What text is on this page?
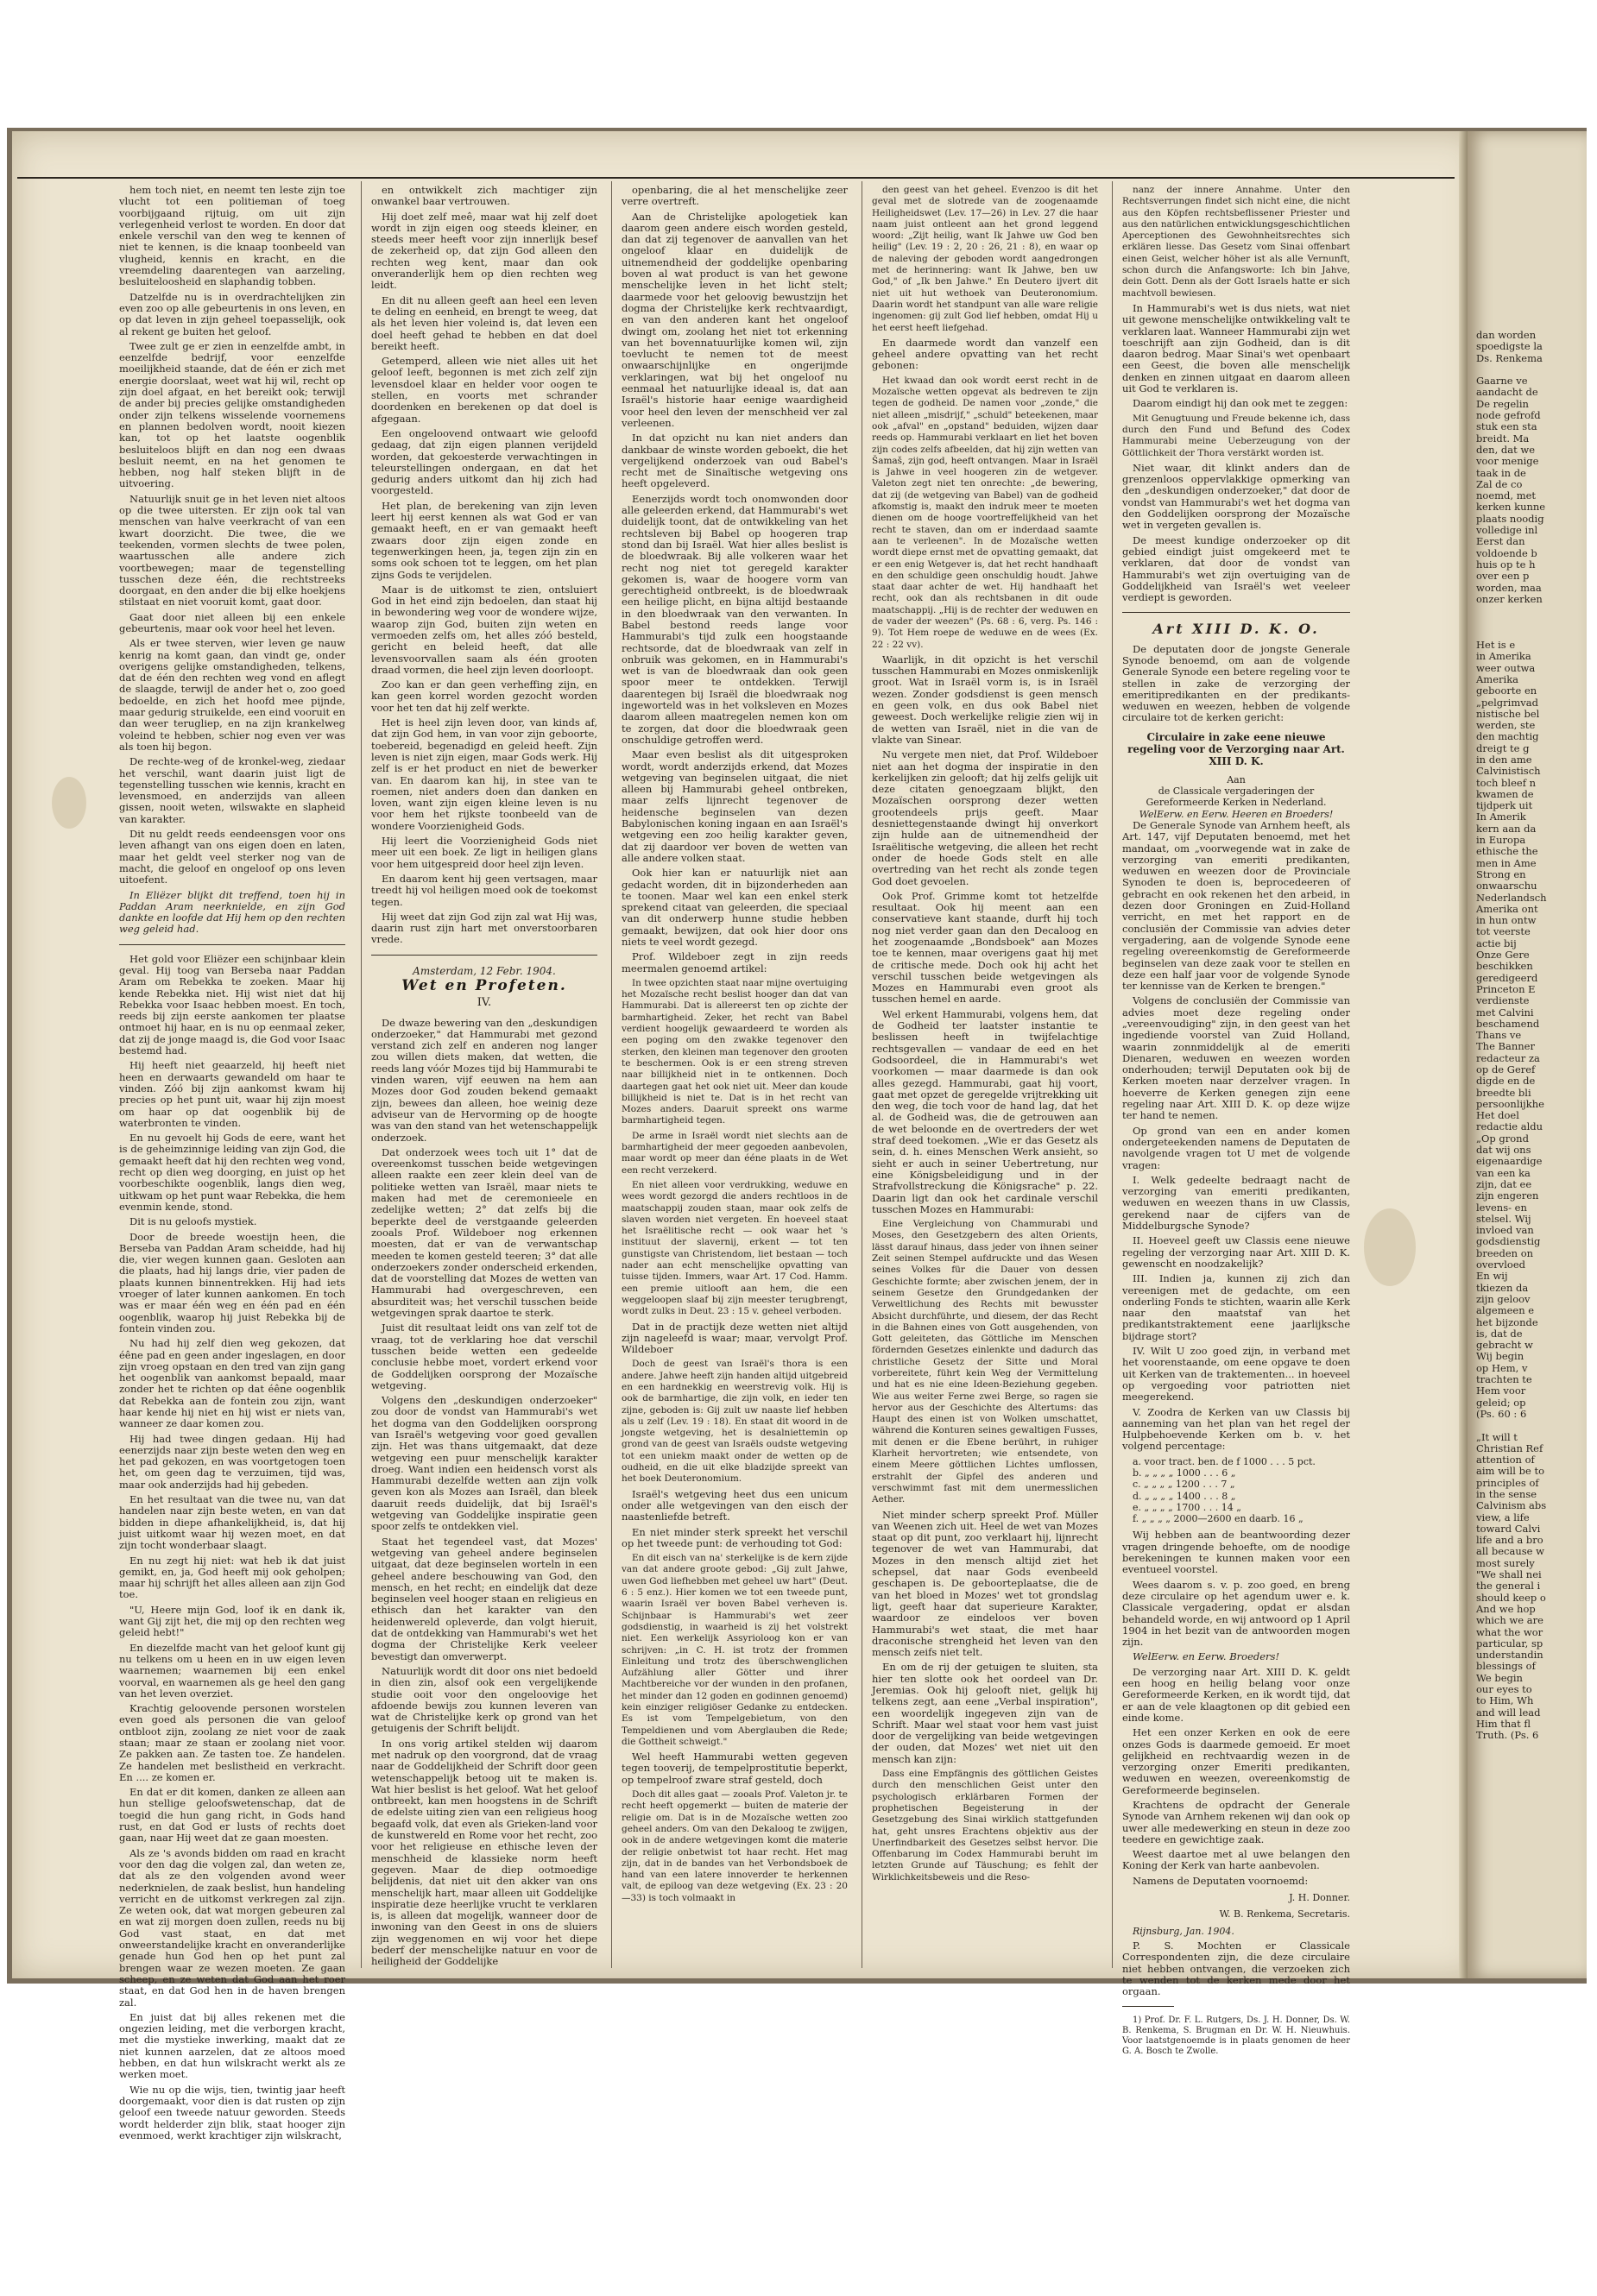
dan worden
spoedigste la
Ds. Renkema

Gaarne ve
aandacht de
De regelin
node gefrofd
stuk een sta
breidt. Ma
den, dat we
voor menige
taak in de
Zal de co
noemd, met
kerken kunne
plaats noodig
volledige inl
Eerst dan
voldoende b
huis op te h
over een p
worden, maa
onzer kerken

Het is e
in Amerika
weer outwa
Amerika
geboorte en
„pelgrimvad
nistische bel
werden, ste
den machtig
dreigt te g
in den ame
Calvinistisch
toch bleef n
kwamen de
tijdperk uit
In Amerik
kern aan da
in Europa
ethische the
men in Ame
Strong en
onwaarschu
Nederlandsch
Amerika ont
in hun ontw
tot veerste
actie bij
Onze Gere
beschikken
geredigeerd
Princeton E
verdienste
met Calvini
beschamend
Thans ve
The Banner
redacteur za
op de Geref
digde en de
breedte bli
persoonlijkhe
Het doel
redactie aldu
„Op grond
dat wij ons
eigenaardige
van een ka
zijn, dat ee
zijn engeren
levens- en
stelsel. Wij
invloed van
godsdienstig
breeden on
overvloed
En wij
tkiezen da
zijn geloov
algemeen e
het bijzonde
is, dat de
gebracht w
Wij begin
op Hem, v
trachten te
Hem voor
geleid; op
(Ps. 60 : 6

„It will t
Christian Ref
attention of
aim will be to
principles of
in the sense
Calvinism abs
view, a life
toward Calvi
life and a bro
all because w
most surely
"We shall nei
the general i
should keep o
And we hop
which we are
what the wor
particular, sp
understandin
blessings of
We begin
our eyes to
to Him, Wh
and will lead
Him that fl
Truth. (Ps. 6

hem toch niet, en neemt ten leste zijn toe vlucht tot een politieman of toeg voorbijgaand rijtuig, om uit zijn verlegenheid verlost te worden. En door dat enkele verschil van den weg te kennen of niet te kennen, is die knaap toonbeeld van vlugheid, kennis en kracht, en die vreemdeling daarentegen van aarzeling, besluiteloosheid en slaphandig tobben.

Datzelfde nu is in overdrachtelijken zin even zoo op alle gebeurtenis in ons leven, en op dat leven in zijn geheel toepasselijk, ook al rekent ge buiten het geloof.

Twee zult ge er zien in eenzelfde ambt, in eenzelfde bedrijf, voor eenzelfde moeilijkheid staande, dat de één er zich met energie doorslaat, weet wat hij wil, recht op zijn doel afgaat, en het bereikt ook; terwijl de ander bij precies gelijke omstandigheden onder zijn telkens wisselende voornemens en plannen bedolven wordt, nooit kiezen kan, tot op het laatste oogenblik besluiteloos blijft en dan nog een dwaas besluit neemt, en na het genomen te hebben, nog half steken blijft in de uitvoering.

Natuurlijk snuit ge in het leven niet altoos op die twee uitersten. Er zijn ook tal van menschen van halve veerkracht of van een kwart doorzicht. Die twee, die we teekenden, vormen slechts de twee polen, waartusschen alle andere zich voortbewegen; maar de tegenstelling tusschen deze één, die rechtstreeks doorgaat, en den ander die bij elke hoekjens stilstaat en niet vooruit komt, gaat door.

Gaat door niet alleen bij een enkele gebeurtenis, maar ook voor heel het leven.

Als er twee sterven, wier leven ge nauw kenrig na komt gaan, dan vindt ge, onder overigens gelijke omstandigheden, telkens, dat de één den rechten weg vond en aflegt de slaagde, terwijl de ander het o, zoo goed bedoelde, en zich het hoofd mee pijnde, maar gedurig struikelde, een eind vooruit en dan weer terugliep, en na zijn krankelweg voleind te hebben, schier nog even ver was als toen hij begon.

De rechte-weg of de kronkel-weg, ziedaar het verschil, want daarin juist ligt de tegenstelling tusschen wie kennis, kracht en levensmoed, en anderzijds van alleen gissen, nooit weten, wilswakte en slapheid van karakter.

Dit nu geldt reeds eendeensgen voor ons leven afhangt van ons eigen doen en laten, maar het geldt veel sterker nog van de macht, die geloof en ongeloof op ons leven uitoefent.

In Eliëzer blijkt dit treffend, toen hij in Paddan Aram neerknielde, en zijn God dankte en loofde dat Hij hem op den rechten weg geleid had.

Het gold voor Eliëzer een schijnbaar klein geval. Hij toog van Berseba naar Paddan Aram om Rebekka te zoeken. Maar hij kende Rebekka niet. Hij wist niet dat hij Rebekka voor Isaac hebben moest. En toch, reeds bij zijn eerste aankomen ter plaatse ontmoet hij haar, en is nu op eenmaal zeker, dat zij de jonge maagd is, die God voor Isaac bestemd had.

Hij heeft niet geaarzeld, hij heeft niet heen en derwaarts gewandeld om haar te vinden. Zóó bij zijn aankomst kwam hij precies op het punt uit, waar hij zijn moest om haar op dat oogenblik bij de waterbronten te vinden.

En nu gevoelt hij Gods de eere, want het is de geheimzinnige leiding van zijn God, die gemaakt heeft dat hij den rechten weg vond, recht op dien weg doorging, en juist op het voorbeschikte oogenblik, langs dien weg, uitkwam op het punt waar Rebekka, die hem evenmin kende, stond.

Dit is nu geloofs mystiek.

Door de breede woestijn heen, die Berseba van Paddan Aram scheidde, had hij die, vier wegen kunnen gaan. Gesloten aan die plaats, had hij langs drie, vier paden de plaats kunnen binnentrekken. Hij had iets vroeger of later kunnen aankomen. En toch was er maar één weg en één pad en één oogenblik, waarop hij juist Rebekka bij de fontein vinden zou.

Nu had hij zelf dien weg gekozen, dat éêne pad en geen ander ingeslagen, en door zijn vroeg opstaan en den tred van zijn gang het oogenblik van aankomst bepaald, maar zonder het te richten op dat éêne oogenblik dat Rebekka aan de fontein zou zijn, want haar kende hij niet en hij wist er niets van, wanneer ze daar komen zou.

Hij had twee dingen gedaan. Hij had eenerzijds naar zijn beste weten den weg en het pad gekozen, en was voortgetogen toen het, om geen dag te verzuimen, tijd was, maar ook anderzijds had hij gebeden.

En het resultaat van die twee nu, van dat handelen naar zijn beste weten, en van dat bidden in diepe afhankelijkheid, is, dat hij juist uitkomt waar hij wezen moet, en dat zijn tocht wonderbaar slaagt.

En nu zegt hij niet: wat heb ik dat juist gemikt, en, ja, God heeft mij ook geholpen; maar hij schrijft het alles alleen aan zijn God toe.

"U, Heere mijn God, loof ik en dank ik, want Gij zijt het, die mij op den rechten weg geleid hebt!"

En diezelfde macht van het geloof kunt gij nu telkens om u heen en in uw eigen leven waarnemen; waarnemen bij een enkel voorval, en waarnemen als ge heel den gang van het leven overziet.

Krachtig geloovende personen worstelen even goed als personen die van geloof ontbloot zijn, zoolang ze niet voor de zaak staan; maar ze staan er zoolang niet voor. Ze pakken aan. Ze tasten toe. Ze handelen. Ze handelen met beslistheid en verkracht. En .... ze komen er.

En dat er dit komen, danken ze alleen aan hun stellige geloofswetenschap, dat de toegid die hun gang richt, in Gods hand rust, en dat God er lusts of rechts doet gaan, naar Hij weet dat ze gaan moesten.

Als ze 's avonds bidden om raad en kracht voor den dag die volgen zal, dan weten ze, dat als ze den volgenden avond weer nederknielen, de zaak beslist, hun handeling verricht en de uitkomst verkregen zal zijn. Ze weten ook, dat wat morgen gebeuren zal en wat zij morgen doen zullen, reeds nu bij God vast staat, en dat met onweerstandelijke kracht en onveranderlijke genade hun God hen op het punt zal brengen waar ze wezen moeten. Ze gaan scheep, en ze weten dat God aan het roer staat, en dat God hen in de haven brengen zal.

En juist dat bij alles rekenen met die ongezien leiding, met die verborgen kracht, met die mystieke inwerking, maakt dat ze niet kunnen aarzelen, dat ze altoos moed hebben, en dat hun wilskracht werkt als ze werken moet.

Wie nu op die wijs, tien, twintig jaar heeft doorgemaakt, voor dien is dat rusten op zijn geloof een tweede natuur geworden. Steeds wordt helderder zijn blik, staat hooger zijn evenmoed, werkt krachtiger zijn wilskracht,

en ontwikkelt zich machtiger zijn onwankel baar vertrouwen.

Hij doet zelf meê, maar wat hij zelf doet wordt in zijn eigen oog steeds kleiner, en steeds meer heeft voor zijn innerlijk besef de zekerheid op, dat zijn God alleen den rechten weg kent, maar dan ook onveranderlijk hem op dien rechten weg leidt.

En dit nu alleen geeft aan heel een leven te deling en eenheid, en brengt te weeg, dat als het leven hier voleind is, dat leven een doel heeft gehad te hebben en dat doel bereikt heeft.

Getemperd, alleen wie niet alles uit het geloof leeft, begonnen is met zich zelf zijn levensdoel klaar en helder voor oogen te stellen, en voorts met schrander doordenken en berekenen op dat doel is afgegaan.

Een ongeloovend ontwaart wie geloofd gedaag, dat zijn eigen plannen verijdeld worden, dat gekoesterde verwachtingen in teleurstellingen ondergaan, en dat het gedurig anders uitkomt dan hij zich had voorgesteld.

Het plan, de berekening van zijn leven leert hij eerst kennen als wat God er van gemaakt heeft, en er van gemaakt heeft zwaars door zijn eigen zonde en tegenwerkingen heen, ja, tegen zijn zin en soms ook schoen tot te leggen, om het plan zijns Gods te verijdelen.

Maar is de uitkomst te zien, ontsluiert God in het eind zijn bedoelen, dan staat hij in bewondering weg voor de wondere wijze, waarop zijn God, buiten zijn weten en vermoeden zelfs om, het alles zóó besteld, gericht en beleid heeft, dat alle levensvoorvallen saam als één grooten draad vormen, die heel zijn leven doorloopt.

Zoo kan er dan geen verheffing zijn, en kan geen korrel worden gezocht worden voor het ten dat hij zelf werkte.

Het is heel zijn leven door, van kinds af, dat zijn God hem, in van voor zijn geboorte, toebereid, begenadigd en geleid heeft. Zijn leven is niet zijn eigen, maar Gods werk. Hij zelf is er het product en niet de bewerker van. En daarom kan hij, in stee van te roemen, niet anders doen dan danken en loven, want zijn eigen kleine leven is nu voor hem het rijkste toonbeeld van de wondere Voorzienigheid Gods.

Hij leert die Voorzienigheid Gods niet meer uit een boek. Ze ligt in heiligen glans voor hem uitgespreid door heel zijn leven.

En daarom kent hij geen vertsagen, maar treedt hij vol heiligen moed ook de toekomst tegen.

Hij weet dat zijn God zijn zal wat Hij was, daarin rust zijn hart met onverstoorbaren vrede.

Amsterdam, 12 Febr. 1904.
Wet en Profeten.
IV.

De dwaze bewering van den „deskundigen onderzoeker," dat Hammurabi met gezond verstand zich zelf en anderen nog langer zou willen diets maken, dat wetten, die reeds lang vóór Mozes tijd bij Hammurabi te vinden waren, vijf eeuwen na hem aan Mozes door God zouden bekend gemaakt zijn, bewees dan alleen, hoe weinig deze adviseur van de Hervorming op de hoogte was van den stand van het wetenschappelijk onderzoek.

Dat onderzoek wees toch uit 1° dat de overeenkomst tusschen beide wetgevingen alleen raakte een zeer klein deel van de politieke wetten van Israël, maar niets te maken had met de ceremonieele en zedelijke wetten; 2° dat zelfs bij die beperkte deel de verstgaande geleerden zooals Prof. Wildeboer nog erkennen moesten, dat er van de verwantschap meeden te komen gesteld teeren; 3° dat alle onderzoekers zonder onderscheid erkenden, dat de voorstelling dat Mozes de wetten van Hammurabi had overgeschreven, een absurditeit was; het verschil tusschen beide wetgevingen sprak daartoe te sterk.

Juist dit resultaat leidt ons van zelf tot de vraag, tot de verklaring hoe dat verschil tusschen beide wetten een gedeelde conclusie hebbe moet, vordert erkend voor de Goddelijken oorsprong der Mozaïsche wetgeving.

Volgens den „deskundigen onderzoeker" zou door de vondst van Hammurabi's wet het dogma van den Goddelijken oorsprong van Israël's wetgeving voor goed gevallen zijn. Het was thans uitgemaakt, dat deze wetgeving een puur menschelijk karakter droeg. Want indien een heidensch vorst als Hammurabi dezelfde wetten aan zijn volk geven kon als Mozes aan Israël, dan bleek daaruit reeds duidelijk, dat bij Israël's wetgeving van Goddelijke inspiratie geen spoor zelfs te ontdekken viel.

Staat het tegendeel vast, dat Mozes' wetgeving van geheel andere beginselen uitgaat, dat deze beginselen worteln in een geheel andere beschouwing van God, den mensch, en het recht; en eindelijk dat deze beginselen veel hooger staan en religieus en ethisch dan het karakter van den heidenwereld opleverde, dan volgt hieruit, dat de ontdekking van Hammurabi's wet het dogma der Christelijke Kerk veeleer bevestigt dan omverwerpt.

Natuurlijk wordt dit door ons niet bedoeld in dien zin, alsof ook een vergelijkende studie ooit voor den ongeloovige het afdoende bewijs zou kunnen leveren van wat de Christelijke kerk op grond van het getuigenis der Schrift belijdt.

In ons vorig artikel stelden wij daarom met nadruk op den voorgrond, dat de vraag naar de Goddelijkheid der Schrift door geen wetenschappelijk betoog uit te maken is. Wat hier beslist is het geloof. Wat het geloof ontbreekt, kan men hoogstens in de Schrift de edelste uiting zien van een religieus hoog begaafd volk, dat even als Grieken-land voor de kunstwereld en Rome voor het recht, zoo voor het religieuse en ethische leven der menschheid de klassieke norm heeft gegeven. Maar de diep ootmoedige belijdenis, dat niet uit den akker van ons menschelijk hart, maar alleen uit Goddelijke inspiratie deze heerlijke vrucht te verklaren is, is alleen dat mogelijk, wanneer door de inwoning van den Geest in ons de sluiers zijn weggenomen en wij voor het diepe bederf der menschelijke natuur en voor de heiligheid der Goddelijke

openbaring, die al het menschelijke zeer verre overtreft.

Aan de Christelijke apologetiek kan daarom geen andere eisch worden gesteld, dan dat zij tegenover de aanvallen van het ongeloof klaar en duidelijk de uitnemendheid der goddelijke openbaring boven al wat product is van het gewone menschelijke leven in het licht stelt; daarmede voor het geloovig bewustzijn het dogma der Christelijke kerk rechtvaardigt, en van den anderen kant het ongeloof dwingt om, zoolang het niet tot erkenning van het bovennatuurlijke komen wil, zijn toevlucht te nemen tot de meest onwaarschijnlijke en ongerijmde verklaringen, wat bij het ongeloof nu eenmaal het natuurlijke ideaal is, dat aan Israël's historie haar eenige waardigheid voor heel den leven der menschheid ver zal verleenen.

In dat opzicht nu kan niet anders dan dankbaar de winste worden geboekt, die het vergelijkend onderzoek van oud Babel's recht met de Sinaïtische wetgeving ons heeft opgeleverd.

Eenerzijds wordt toch onomwonden door alle geleerden erkend, dat Hammurabi's wet duidelijk toont, dat de ontwikkeling van het rechtsleven bij Babel op hoogeren trap stond dan bij Israël. Wat hier alles beslist is de bloedwraak. Bij alle volkeren waar het recht nog niet tot geregeld karakter gekomen is, waar de hoogere vorm van gerechtigheid ontbreekt, is de bloedwraak een heilige plicht, en bijna altijd bestaande in den bloedwraak van den verwanten. In Babel bestond reeds lange voor Hammurabi's tijd zulk een hoogstaande rechtsorde, dat de bloedwraak van zelf in onbruik was gekomen, en in Hammurabi's wet is van de bloedwraak dan ook geen spoor meer te ontdekken. Terwijl daarentegen bij Israël die bloedwraak nog ingeworteld was in het volksleven en Mozes daarom alleen maatregelen nemen kon om te zorgen, dat door die bloedwraak geen onschuldige getroffen werd.

Maar even beslist als dit uitgesproken wordt, wordt anderzijds erkend, dat Mozes wetgeving van beginselen uitgaat, die niet alleen bij Hammurabi geheel ontbreken, maar zelfs lijnrecht tegenover de heidensche beginselen van dezen Babylonischen koning ingaan en aan Israël's wetgeving een zoo heilig karakter geven, dat zij daardoor ver boven de wetten van alle andere volken staat.

Ook hier kan er natuurlijk niet aan gedacht worden, dit in bijzonderheden aan te toonen. Maar wel kan een enkel sterk sprekend citaat van geleerden, die speciaal van dit onderwerp hunne studie hebben gemaakt, bewijzen, dat ook hier door ons niets te veel wordt gezegd.

Prof. Wildeboer zegt in zijn reeds meermalen genoemd artikel:

In twee opzichten staat naar mijne overtuiging het Mozaïsche recht beslist hooger dan dat van Hammurabi. Dat is allereerst ten op zichte der barmhartigheid. Zeker, het recht van Babel verdient hoogelijk gewaardeerd te worden als een poging om den zwakke tegenover den sterken, den kleinen man tegenover den grooten te beschermen. Ook is er een streng streven naar billijkheid niet in te ontkennen. Doch daartegen gaat het ook niet uit. Meer dan koude billijkheid is niet te. Dat is in het recht van Mozes anders. Daaruit spreekt ons warme barmhartigheid tegen.

De arme in Israël wordt niet slechts aan de barmhartigheid der meer gegoeden aanbevolen, maar wordt op meer dan ééne plaats in de Wet een recht verzekerd.

En niet alleen voor verdrukking, weduwe en wees wordt gezorgd die anders rechtloos in de maatschappij zouden staan, maar ook zelfs de slaven worden niet vergeten. En hoeveel staat het Israëlitische recht — ook waar het 's instituut der slavernij, erkent — tot ten gunstigste van Christendom, liet bestaan — toch nader aan echt menschelijke opvatting van tuisse tijden. Immers, waar Art. 17 Cod. Hamm. een premie uitlooft aan hem, die een weggeloopen slaaf bij zijn meester terugbrengt, wordt zulks in Deut. 23 : 15 v. geheel verboden.

Dat in de practijk deze wetten niet altijd zijn nageleefd is waar; maar, vervolgt Prof. Wildeboer

Doch de geest van Israël's thora is een andere. Jahwe heeft zijn handen altijd uitgebreid en een hardnekkig en weerstrevig volk. Hij is ook de barmhartige, die zijn volk, en ieder ten zijne, geboden is: Gij zult uw naaste lief hebben als u zelf (Lev. 19 : 18). En staat dit woord in de jongste wetgeving, het is desalniettemin op grond van de geest van Israëls oudste wetgeving tot een uniekm maakt onder de wetten op de oudheid, en die uit elke bladzijde spreekt van het boek Deuteronomium.

Israël's wetgeving heet dus een unicum onder alle wetgevingen van den eisch der naastenliefde betreft.

En niet minder sterk spreekt het verschil op het tweede punt: de verhouding tot God:

En dit eisch van na' sterkelijke is de kern zijde van dat andere groote gebod: „Gij zult Jahwe, uwen God liefhebben met geheel uw hart" (Deut. 6 : 5 enz.). Hier komen we tot een tweede punt, waarin Israël ver boven Babel verheven is. Schijnbaar is Hammurabi's wet zeer godsdienstig, in waarheid is zij het volstrekt niet. Een werkelijk Assyrioloog kon er van schrijven: „in C. H. ist trotz der frommen Einleitung und trotz des überschwenglichen Aufzählung aller Götter und ihrer Machtbereiche vor der wunden in den profanen, het minder dan 12 goden en godinnen genoemd) kein einziger religiöser Gedanke zu entdecken. Es ist vom Tempelgebietum, von den Tempeldienen und vom Aberglauben die Rede; die Gottheit schweigt."

Wel heeft Hammurabi wetten gegeven tegen tooverij, de tempelprostitutie beperkt, op tempelroof zware straf gesteld, doch

Doch dit alles gaat — zooals Prof. Valeton jr. te recht heeft opgemerkt — buiten de materie der religie om. Dat is in de Mozaïsche wetten zoo geheel anders. Om van den Dekaloog te zwijgen, ook in de andere wetgevingen komt die materie der religie onbetwist tot haar recht. Het mag zijn, dat in de bandes van het Verbondsboek de hand van een latere innoverder te herkennen valt, de epiloog van deze wetgeving (Ex. 23 : 20—33) is toch volmaakt in

den geest van het geheel. Evenzoo is dit het geval met de slotrede van de zoogenaamde Heiligheidswet (Lev. 17—26) in Lev. 27 die haar naam juist ontleent aan het grond leggend woord: „Zijt heilig, want Ik Jahwe uw God ben heilig" (Lev. 19 : 2, 20 : 26, 21 : 8), en waar op de naleving der geboden wordt aangedrongen met de herinnering: want Ik Jahwe, ben uw God," of „Ik ben Jahwe." En Deutero ijvert dit niet uit hut wethoek van Deuteronomium. Daarin wordt het standpunt van alle ware religie ingenomen: gij zult God lief hebben, omdat Hij u het eerst heeft liefgehad.

En daarmede wordt dan vanzelf een geheel andere opvatting van het recht gebonen:

Het kwaad dan ook wordt eerst recht in de Mozaïsche wetten opgevat als bedreven te zijn tegen de godheid. De namen voor „zonde," die niet alleen „misdrijf," „schuld" beteekenen, maar ook „afval" en „opstand" beduiden, wijzen daar reeds op. Hammurabi verklaart en liet het boven zijn codes zelfs afbeelden, dat hij zijn wetten van Šamaš, zijn god, heeft ontvangen. Maar in Israël is Jahwe in veel hoogeren zin de wetgever. Valeton zegt niet ten onrechte: „de bewering, dat zij (de wetgeving van Babel) van de godheid afkomstig is, maakt den indruk meer te moeten dienen om de hooge voortreffelijkheid van het recht te staven, dan om er inderdaad saamte aan te verleenen". In de Mozaïsche wetten wordt diepe ernst met de opvatting gemaakt, dat er een enig Wetgever is, dat het recht handhaaft en den schuldige geen onschuldig houdt. Jahwe staat daar achter de wet. Hij handhaaft het recht, ook dan als rechtsbanen in dit oude maatschappij. „Hij is de rechter der weduwen en de vader der weezen" (Ps. 68 : 6, verg. Ps. 146 : 9). Tot Hem roepe de weduwe en de wees (Ex. 22 : 22 vv).

Waarlijk, in dit opzicht is het verschil tusschen Hammurabi en Mozes onmiskenlijk groot. Wat in Israël vorm is, is in Israël wezen. Zonder godsdienst is geen mensch en geen volk, en dus ook Babel niet geweest. Doch werkelijke religie zien wij in de wetten van Israël, niet in die van de vlakte van Sinear.

Nu vergete men niet, dat Prof. Wildeboer niet aan het dogma der inspiratie in den kerkelijken zin gelooft; dat hij zelfs gelijk uit deze citaten genoegzaam blijkt, den Mozaïschen oorsprong dezer wetten grootendeels prijs geeft. Maar desniettegenstaande dwingt hij onverkort zijn hulde aan de uitnemendheid der Israëlitische wetgeving, die alleen het recht onder de hoede Gods stelt en alle overtreding van het recht als zonde tegen God doet gevoelen.

Ook Prof. Grimme komt tot hetzelfde resultaat. Ook hij meent aan een conservatieve kant staande, durft hij toch nog niet verder gaan dan den Decaloog en het zoogenaamde „Bondsboek" aan Mozes toe te kennen, maar overigens gaat hij met de critische mede. Doch ook hij acht het verschil tusschen beide wetgevingen als Mozes en Hammurabi even groot als tusschen hemel en aarde.

Wel erkent Hammurabi, volgens hem, dat de Godheid ter laatster instantie te beslissen heeft in twijfelachtige rechtsgevallen — vandaar de eed en het Godsoordeel, die in Hammurabi's wet voorkomen — maar daarmede is dan ook alles gezegd. Hammurabi, gaat hij voort, gaat met opzet de geregelde vrijtrekking uit den weg, die toch voor de hand lag, dat het al. de Godheid was, die de getrouwen aan de wet beloonde en de overtreders der wet straf deed toekomen. „Wie er das Gesetz als sein, d. h. eines Menschen Werk ansieht, so sieht er auch in seiner Uebertretung, nur eine Königsbeleidigung und in der Strafvollstreckung die Königsrache" p. 22. Daarin ligt dan ook het cardinale verschil tusschen Mozes en Hammurabi:

Eine Vergleichung von Chammurabi und Moses, den Gesetzgebern des alten Orients, lässt darauf hinaus, dass jeder von ihnen seiner Zeit seinen Stempel aufdruckte und das Wesen seines Volkes für die Dauer von dessen Geschichte formte; aber zwischen jenem, der in seinem Gesetze den Grundgedanken der Verweltlichung des Rechts mit bewusster Absicht durchführte, und diesem, der das Recht in die Bahnen eines von Gott ausgehenden, von Gott geleiteten, das Göttliche im Menschen fördernden Gesetzes einlenkte und dadurch das christliche Gesetz der Sitte und Moral vorbereitete, führt kein Weg der Vermittelung und hat es nie eine Ideen-Beziehung gegeben. Wie aus weiter Ferne zwei Berge, so ragen sie hervor aus der Geschichte des Altertums: das Haupt des einen ist von Wolken umschattet, während die Konturen seines gewaltigen Fusses, mit denen er die Ebene berührt, in ruhiger Klarheit hervortreten; wie entsendete, von einem Meere göttlichen Lichtes umflossen, erstrahlt der Gipfel des anderen und verschwimmt fast mit dem unermesslichen Aether.

Niet minder scherp spreekt Prof. Müller van Weenen zich uit. Heel de wet van Mozes staat op dit punt, zoo verklaart hij, lijnrecht tegenover de wet van Hammurabi, dat Mozes in den mensch altijd ziet het schepsel, dat naar Gods evenbeeld geschapen is. De geboorteplaatse, die de van het bloed in Mozes' wet tot grondslag ligt, geeft haar dat superieure Karakter, waardoor ze eindeloos ver boven Hammurabi's wet staat, die met haar draconische strengheid het leven van den mensch zeifs niet telt.

En om de rij der getuigen te sluiten, sta hier ten slotte ook het oordeel van Dr. Jeremias. Ook hij gelooft niet, gelijk hij telkens zegt, aan eene „Verbal inspiration", een woordelijk ingegeven zijn van de Schrift. Maar wel staat voor hem vast juist door de vergelijking van beide wetgevingen der ouden, dat Mozes' wet niet uit den mensch kan zijn:

Dass eine Empfängnis des göttlichen Geistes durch den menschlichen Geist unter den psychologisch erklärbaren Formen der prophetischen Begeisterung in der Gesetzgebung des Sinai wirklich stattgefunden hat, geht unsres Erachtens objektiv aus der Unerfindbarkeit des Gesetzes selbst hervor. Die Offenbarung im Codex Hammurabi beruht im letzten Grunde auf Täuschung; es fehlt der Wirklichkeitsbeweis und die Reso-

nanz der innere Annahme. Unter den Rechtsverrungen findet sich nicht eine, die nicht aus den Köpfen rechtsbeflissener Priester und aus den natürlichen entwicklungsgeschichtlichen Aperceptionen des Gewohnheitsrechtes sich erklären liesse. Das Gesetz vom Sinai offenbart einen Geist, welcher höher ist als alle Vernunft, schon durch die Anfangsworte: Ich bin Jahve, dein Gott. Denn als der Gott Israels hatte er sich machtvoll bewiesen.

In Hammurabi's wet is dus niets, wat niet uit gewone menschelijke ontwikkeling valt te verklaren laat. Wanneer Hammurabi zijn wet toeschrijft aan zijn Godheid, dan is dit daaron bedrog. Maar Sinai's wet openbaart een Geest, die boven alle menschelijk denken en zinnen uitgaat en daarom alleen uit God te verklaren is.

Daarom eindigt hij dan ook met te zeggen:

Mit Genugtuung und Freude bekenne ich, dass durch den Fund und Befund des Codex Hammurabi meine Ueberzeugung von der Göttlichkeit der Thora verstärkt worden ist.

Niet waar, dit klinkt anders dan de grenzenloos oppervlakkige opmerking van den „deskundigen onderzoeker," dat door de vondst van Hammurabi's wet het dogma van den Goddelijken oorsprong der Mozaïsche wet in vergeten gevallen is.

De meest kundige onderzoeker op dit gebied eindigt juist omgekeerd met te verklaren, dat door de vondst van Hammurabi's wet zijn overtuiging van de Goddelijkheid van Israël's wet veeleer verdiept is geworden.

Art XIII D. K. O.

De deputaten door de jongste Generale Synode benoemd, om aan de volgende Generale Synode een betere regeling voor te stellen in zake de verzorging der emeritipredikanten en der predikants-weduwen en weezen, hebben de volgende circulaire tot de kerken gericht:

Circulaire in zake eene nieuwe regeling voor de Verzorging naar Art. XIII D. K.
Aan
de Classicale vergaderingen der Gereformeerde Kerken in Nederland.
WelEerw. en Eerw. Heeren en Broeders!

De Generale Synode van Arnhem heeft, als Art. 147, vijf Deputaten benoemd, met het mandaat, om „voorwegende wat in zake de verzorging van emeriti predikanten, weduwen en weezen door de Provinciale Synoden te doen is, beprocedeeren of gebracht en ook rekenen het den arbeid, in dezen door Groningen en Zuid-Holland verricht, en met het rapport en de conclusiën der Commissie van advies deter vergadering, aan de volgende Synode eene regeling overeenkomstig de Gereformeerde beginselen van deze zaak voor te stellen en deze een half jaar voor de volgende Synode ter kennisse van de Kerken te brengen."

Volgens de conclusiën der Commissie van advies moet deze regeling onder „vereenvoudiging" zijn, in den geest van het ingediende voorstel van Zuid Holland, waarin zonnmiddelijk al de emeriti Dienaren, weduwen en weezen worden onderhouden; terwijl Deputaten ook bij de Kerken moeten naar derzelver vragen. In hoeverre de Kerken genegen zijn eene regeling naar Art. XIII D. K. op deze wijze ter hand te nemen.

Op grond van een en ander komen ondergeteekenden namens de Deputaten de navolgende vragen tot U met de volgende vragen:

I. Welk gedeelte bedraagt nacht de verzorging van emeriti predikanten, weduwen en weezen thans in uw Classis, gerekend naar de cijfers van de Middelburgsche Synode?

II. Hoeveel geeft uw Classis eene nieuwe regeling der verzorging naar Art. XIII D. K. gewenscht en noodzakelijk?

III. Indien ja, kunnen zij zich dan vereenigen met de gedachte, om een onderling Fonds te stichten, waarin alle Kerk naar den maatstaf van het predikantstraktement eene jaarlijksche bijdrage stort?

IV. Wilt U zoo goed zijn, in verband met het voorenstaande, om eene opgave te doen uit Kerken van de traktementen... in hoeveel op vergoeding voor patriotten niet meegerekend.

V. Zoodra de Kerken van uw Classis bij aanneming van het plan van het regel der Hulpbehoevende Kerken om b. v. het volgend percentage:

a. voor tract. ben. de f 1000 . . . 5 pct.
b. „ „ „ „ 1000 . . . 6 „
c. „ „ „ „ 1200 . . . 7 „
d. „ „ „ „ 1400 . . . 8 „
e. „ „ „ „ 1700 . . . 14 „
f. „ „ „ „ 2000—2600 en daarb. 16 „

Wij hebben aan de beantwoording dezer vragen dringende behoefte, om de noodige berekeningen te kunnen maken voor een eventueel voorstel.

Wees daarom s. v. p. zoo goed, en breng deze circulaire op het agendum uwer e. k. Classicale vergadering, opdat er alsdan behandeld worde, en wij antwoord op 1 April 1904 in het bezit van de antwoorden mogen zijn.

WelEerw. en Eerw. Broeders!

De verzorging naar Art. XIII D. K. geldt een hoog en heilig belang voor onze Gereformeerde Kerken, en ik wordt tijd, dat er aan de vele klaagtonen op dit gebied een einde kome.

Het een onzer Kerken en ook de eere onzes Gods is daarmede gemoeid. Er moet gelijkheid en rechtvaardig wezen in de verzorging onzer Emeriti predikanten, weduwen en weezen, overeenkomstig de Gereformeerde beginselen.

Krachtens de opdracht der Generale Synode van Arnhem rekenen wij dan ook op uwer alle medewerking en steun in deze zoo teedere en gewichtige zaak.

Weest daartoe met al uwe belangen den Koning der Kerk van harte aanbevolen.

Namens de Deputaten voornoemd:

J. H. Donner.
W. B. Renkema, Secretaris.
Rijnsburg, Jan. 1904.

P. S. Mochten er Classicale Correspondenten zijn, die deze circulaire niet hebben ontvangen, die verzoeken zich te wenden tot de kerken mede door het orgaan.

1) Prof. Dr. F. L. Rutgers, Ds. J. H. Donner, Ds. W. B. Renkema, S. Brugman en Dr. W. H. Nieuwhuis. Voor laatstgenoemde is in plaats genomen de heer G. A. Bosch te Zwolle.
